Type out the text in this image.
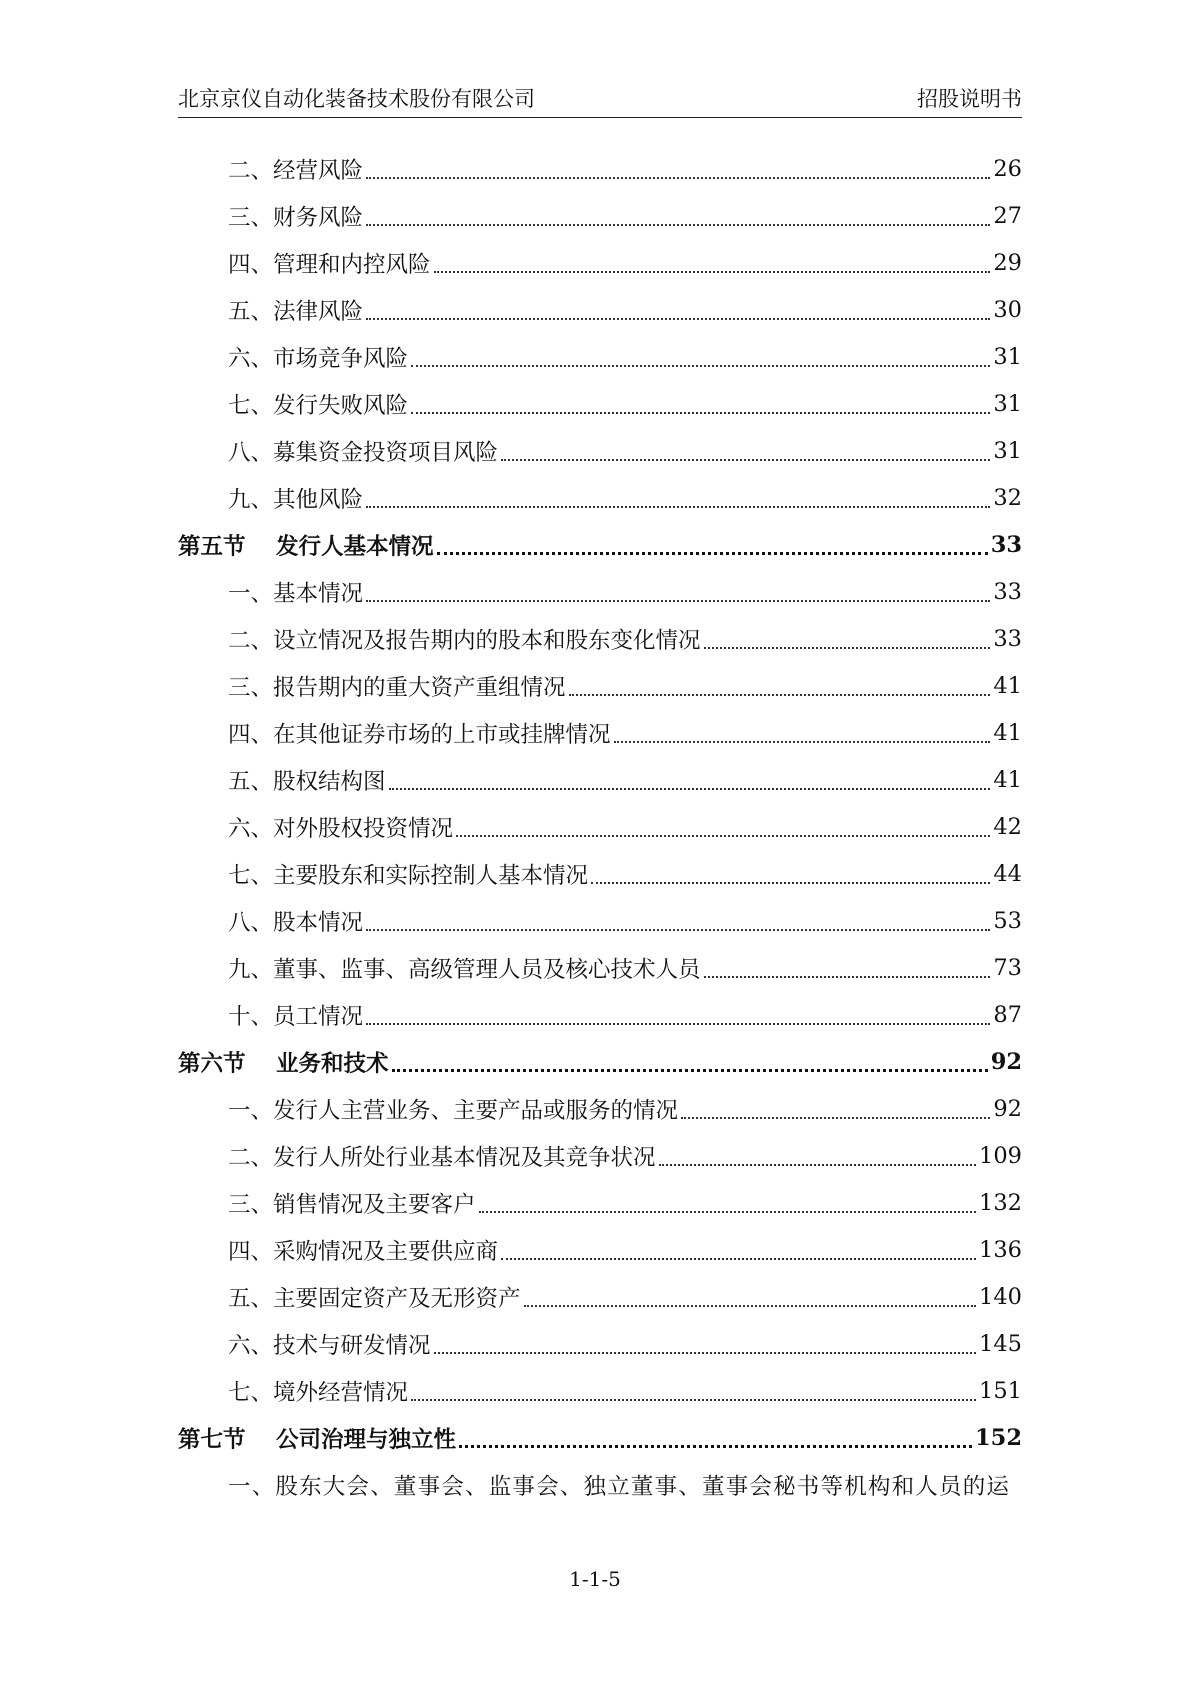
北京京仪自动化装备技术股份有限公司	招股说明书
二、经营风险	26
三、财务风险	27
四、管理和内控风险	29
五、法律风险	30
六、市场竞争风险	31
七、发行失败风险	31
八、募集资金投资项目风险	31
九、其他风险	32
第五节	发行人基本情况	33
一、基本情况	33
二、设立情况及报告期内的股本和股东变化情况	33
三、报告期内的重大资产重组情况	41
四、在其他证券市场的上市或挂牌情况	41
五、股权结构图	41
六、对外股权投资情况	42
七、主要股东和实际控制人基本情况	44
八、股本情况	53
九、董事、监事、高级管理人员及核心技术人员	73
十、员工情况	87
第六节	业务和技术	92
一、发行人主营业务、主要产品或服务的情况	92
二、发行人所处行业基本情况及其竞争状况	109
三、销售情况及主要客户	132
四、采购情况及主要供应商	136
五、主要固定资产及无形资产	140
六、技术与研发情况	145
七、境外经营情况	151
第七节	公司治理与独立性	152
一、股东大会、董事会、监事会、独立董事、董事会秘书等机构和人员的运
1-1-5
